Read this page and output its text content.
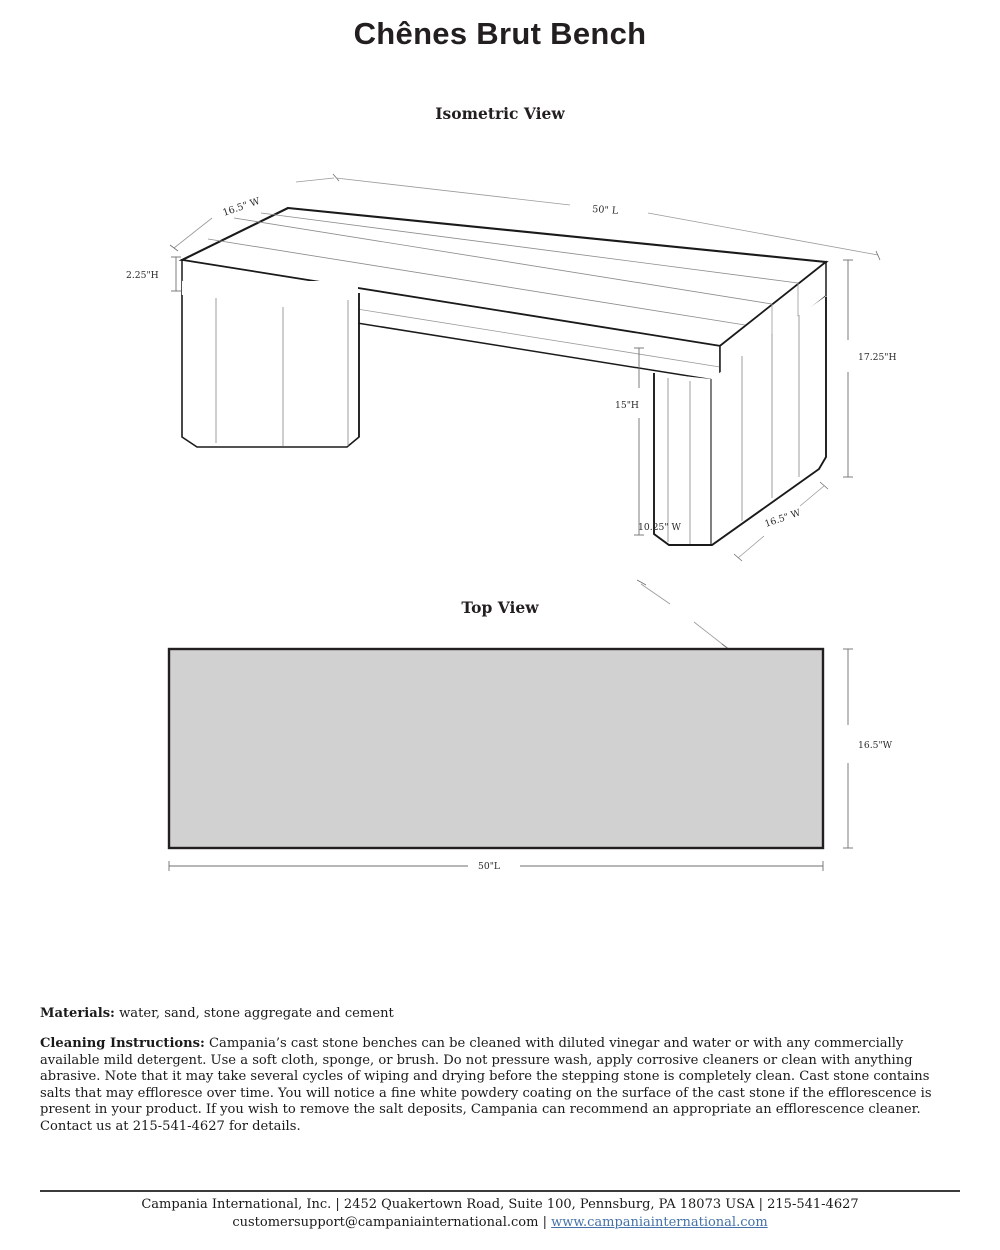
Chênes Brut Bench
Isometric View
16.5" W	50" L
2.25"H
17.25"H
15"H
10.25" W	16.5" W
Top View
16.5"W
50"L
Materials: water, sand, stone aggregate and cement
Cleaning Instructions: Campania’s cast stone benches can be cleaned with diluted vinegar and water or with any commercially available mild detergent. Use a soft cloth, sponge, or brush. Do not pressure wash, apply corrosive cleaners or clean with anything abrasive. Note that it may take several cycles of wiping and drying before the stepping stone is completely clean. Cast stone contains salts that may effloresce over time. You will notice a fine white powdery coating on the surface of the cast stone if the efflorescence is present in your product. If you wish to remove the salt deposits, Campania can recommend an appropriate an efflorescence cleaner. Contact us at 215-541-4627 for details.
Campania International, Inc. | 2452 Quakertown Road, Suite 100, Pennsburg, PA 18073 USA | 215-541-4627
customersupport@campaniainternational.com | www.campaniainternational.com
